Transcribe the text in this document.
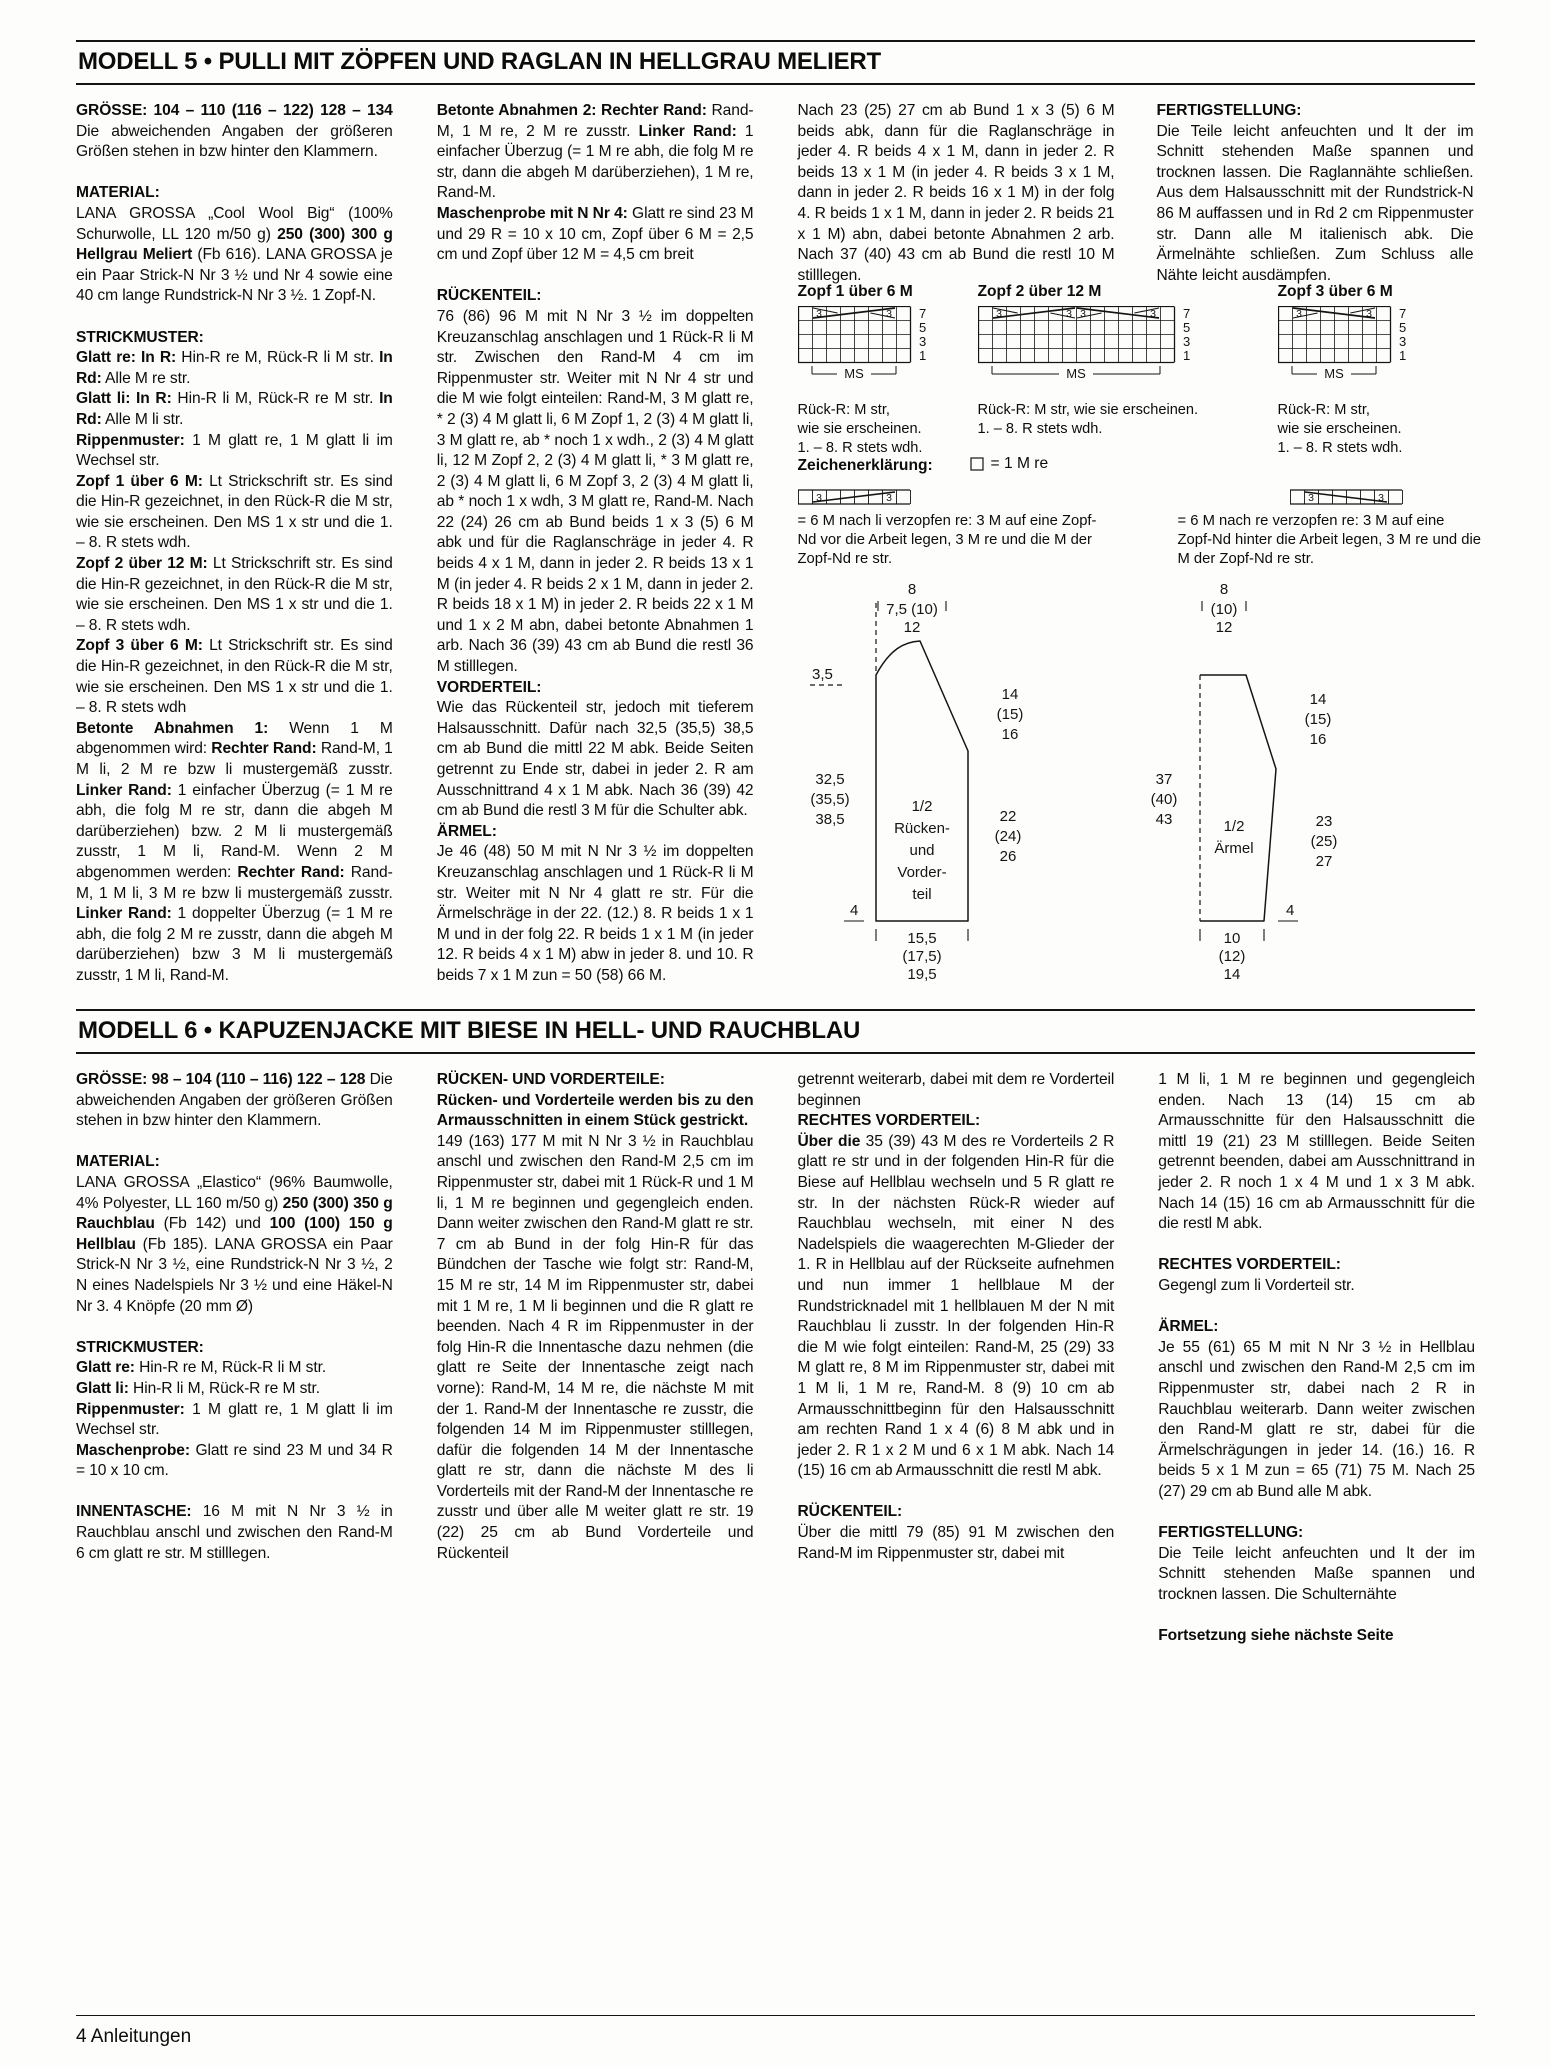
MODELL 5 • PULLI MIT ZÖPFEN UND RAGLAN IN HELLGRAU MELIERT

GRÖSSE: 104 – 110 (116 – 122) 128 – 134 Die abweichenden Angaben der größeren Größen stehen in bzw hinter den Klammern.

MATERIAL:

LANA GROSSA „Cool Wool Big“ (100% Schurwolle, LL 120 m/50 g) 250 (300) 300 g Hellgrau Meliert (Fb 616). LANA GROSSA je ein Paar Strick-N Nr 3 ½ und Nr 4 sowie eine 40 cm lange Rundstrick-N Nr 3 ½. 1 Zopf-N.

STRICKMUSTER:

Glatt re: In R: Hin-R re M, Rück-R li M str. In Rd: Alle M re str.

Glatt li: In R: Hin-R li M, Rück-R re M str. In Rd: Alle M li str.

Rippenmuster: 1 M glatt re, 1 M glatt li im Wechsel str.

Zopf 1 über 6 M: Lt Strickschrift str. Es sind die Hin-R gezeichnet, in den Rück-R die M str, wie sie erscheinen. Den MS 1 x str und die 1. – 8. R stets wdh.

Zopf 2 über 12 M: Lt Strickschrift str. Es sind die Hin-R gezeichnet, in den Rück-R die M str, wie sie erscheinen. Den MS 1 x str und die 1. – 8. R stets wdh.

Zopf 3 über 6 M: Lt Strickschrift str. Es sind die Hin-R gezeichnet, in den Rück-R die M str, wie sie erscheinen. Den MS 1 x str und die 1. – 8. R stets wdh

Betonte Abnahmen 1: Wenn 1 M abgenommen wird: Rechter Rand: Rand-M, 1 M li, 2 M re bzw li mustergemäß zusstr. Linker Rand: 1 einfacher Überzug (= 1 M re abh, die folg M re str, dann die abgeh M darüberziehen) bzw. 2 M li mustergemäß zusstr, 1 M li, Rand-M. Wenn 2 M abgenommen werden: Rechter Rand: Rand-M, 1 M li, 3 M re bzw li mustergemäß zusstr. Linker Rand: 1 doppelter Überzug (= 1 M re abh, die folg 2 M re zusstr, dann die abgeh M darüberziehen) bzw 3 M li mustergemäß zusstr, 1 M li, Rand-M.

Betonte Abnahmen 2: Rechter Rand: Rand-M, 1 M re, 2 M re zusstr. Linker Rand: 1 einfacher Überzug (= 1 M re abh, die folg M re str, dann die abgeh M darüberziehen), 1 M re, Rand-M.

Maschenprobe mit N Nr 4: Glatt re sind 23 M und 29 R = 10 x 10 cm, Zopf über 6 M = 2,5 cm und Zopf über 12 M = 4,5 cm breit

RÜCKENTEIL:

76 (86) 96 M mit N Nr 3 ½ im doppelten Kreuzanschlag anschlagen und 1 Rück-R li M str. Zwischen den Rand-M 4 cm im Rippenmuster str. Weiter mit N Nr 4 str und die M wie folgt einteilen: Rand-M, 3 M glatt re, * 2 (3) 4 M glatt li, 6 M Zopf 1, 2 (3) 4 M glatt li, 3 M glatt re, ab * noch 1 x wdh., 2 (3) 4 M glatt li, 12 M Zopf 2, 2 (3) 4 M glatt li, * 3 M glatt re, 2 (3) 4 M glatt li, 6 M Zopf 3, 2 (3) 4 M glatt li, ab * noch 1 x wdh, 3 M glatt re, Rand-M. Nach 22 (24) 26 cm ab Bund beids 1 x 3 (5) 6 M abk und für die Raglanschräge in jeder 4. R beids 4 x 1 M, dann in jeder 2. R beids 13 x 1 M (in jeder 4. R beids 2 x 1 M, dann in jeder 2. R beids 18 x 1 M) in jeder 2. R beids 22 x 1 M und 1 x 2 M abn, dabei betonte Abnahmen 1 arb. Nach 36 (39) 43 cm ab Bund die restl 36 M stilllegen.

VORDERTEIL:

Wie das Rückenteil str, jedoch mit tieferem Halsausschnitt. Dafür nach 32,5 (35,5) 38,5 cm ab Bund die mittl 22 M abk. Beide Seiten getrennt zu Ende str, dabei in jeder 2. R am Ausschnittrand 4 x 1 M abk. Nach 36 (39) 42 cm ab Bund die restl 3 M für die Schulter abk.

ÄRMEL:

Je 46 (48) 50 M mit N Nr 3 ½ im doppelten Kreuzanschlag anschlagen und 1 Rück-R li M str. Weiter mit N Nr 4 glatt re str. Für die Ärmelschräge in der 22. (12.) 8. R beids 1 x 1 M und in der folg 22. R beids 1 x 1 M (in jeder 12. R beids 4 x 1 M) abw in jeder 8. und 10. R beids 7 x 1 M zun = 50 (58) 66 M.

Nach 23 (25) 27 cm ab Bund 1 x 3 (5) 6 M beids abk, dann für die Raglanschräge in jeder 4. R beids 4 x 1 M, dann in jeder 2. R beids 13 x 1 M (in jeder 4. R beids 3 x 1 M, dann in jeder 2. R beids 16 x 1 M) in der folg 4. R beids 1 x 1 M, dann in jeder 2. R beids 21 x 1 M) abn, dabei betonte Abnahmen 2 arb. Nach 37 (40) 43 cm ab Bund die restl 10 M stilllegen.

FERTIGSTELLUNG:

Die Teile leicht anfeuchten und lt der im Schnitt stehenden Maße spannen und trocknen lassen. Die Raglannähte schließen. Aus dem Halsausschnitt mit der Rundstrick-N 86 M auffassen und in Rd 2 cm Rippenmuster str. Dann alle M italienisch abk. Die Ärmelnähte schließen. Zum Schluss alle Nähte leicht ausdämpfen.

Zopf 1 über 6 M
3	3 7
5
3
1
MS
Rück-R: M str,
wie sie erscheinen.
1. – 8. R stets wdh.
Zopf 2 über 12 M
3	3 3	3 7
5
3
1
MS
Rück-R: M str, wie sie erscheinen.
1. – 8. R stets wdh.
Zopf 3 über 6 M
3	3 7
5
3
1
MS
Rück-R: M str,
wie sie erscheinen.
1. – 8. R stets wdh.
Zeichenerklärung:	= 1 M re
3	3
= 6 M nach li verzopfen re: 3 M auf eine Zopf-Nd vor die Arbeit legen, 3 M re und die M der Zopf-Nd re str.
3	3
= 6 M nach re verzopfen re: 3 M auf eine Zopf-Nd hinter die Arbeit legen, 3 M re und die M der Zopf-Nd re str.
8
7,5 (10)
12
3,5
32,5
(35,5)
38,5
14
(15)
16
22
(24)
26
1/2
Rücken-
und
Vorder-
teil
4
15,5
(17,5)
19,5
8
(10)
12
37
(40)
43
14
(15)
16
23
(25)
27
1/2
Ärmel
4
10
(12)
14
MODELL 6 • KAPUZENJACKE MIT BIESE IN HELL- UND RAUCHBLAU

GRÖSSE: 98 – 104 (110 – 116) 122 – 128 Die abweichenden Angaben der größeren Größen stehen in bzw hinter den Klammern.

MATERIAL:

LANA GROSSA „Elastico“ (96% Baumwolle, 4% Polyester, LL 160 m/50 g) 250 (300) 350 g Rauchblau (Fb 142) und 100 (100) 150 g Hellblau (Fb 185). LANA GROSSA ein Paar Strick-N Nr 3 ½, eine Rundstrick-N Nr 3 ½, 2 N eines Nadelspiels Nr 3 ½ und eine Häkel-N Nr 3. 4 Knöpfe (20 mm Ø)

STRICKMUSTER:

Glatt re: Hin-R re M, Rück-R li M str.

Glatt li: Hin-R li M, Rück-R re M str.

Rippenmuster: 1 M glatt re, 1 M glatt li im Wechsel str.

Maschenprobe: Glatt re sind 23 M und 34 R = 10 x 10 cm.

INNENTASCHE: 16 M mit N Nr 3 ½ in Rauchblau anschl und zwischen den Rand-M 6 cm glatt re str. M stilllegen.

RÜCKEN- UND VORDERTEILE:

Rücken- und Vorderteile werden bis zu den Armausschnitten in einem Stück gestrickt.

149 (163) 177 M mit N Nr 3 ½ in Rauchblau anschl und zwischen den Rand-M 2,5 cm im Rippenmuster str, dabei mit 1 Rück-R und 1 M li, 1 M re beginnen und gegengleich enden. Dann weiter zwischen den Rand-M glatt re str. 7 cm ab Bund in der folg Hin-R für das Bündchen der Tasche wie folgt str: Rand-M, 15 M re str, 14 M im Rippenmuster str, dabei mit 1 M re, 1 M li beginnen und die R glatt re beenden. Nach 4 R im Rippenmuster in der folg Hin-R die Innentasche dazu nehmen (die glatt re Seite der Innentasche zeigt nach vorne): Rand-M, 14 M re, die nächste M mit der 1. Rand-M der Innentasche re zusstr, die folgenden 14 M im Rippenmuster stilllegen, dafür die folgenden 14 M der Innentasche glatt re str, dann die nächste M des li Vorderteils mit der Rand-M der Innentasche re zusstr und über alle M weiter glatt re str. 19 (22) 25 cm ab Bund Vorderteile und Rückenteil

getrennt weiterarb, dabei mit dem re Vorderteil beginnen

RECHTES VORDERTEIL:

Über die 35 (39) 43 M des re Vorderteils 2 R glatt re str und in der folgenden Hin-R für die Biese auf Hellblau wechseln und 5 R glatt re str. In der nächsten Rück-R wieder auf Rauchblau wechseln, mit einer N des Nadelspiels die waagerechten M-Glieder der 1. R in Hellblau auf der Rückseite aufnehmen und nun immer 1 hellblaue M der Rundstricknadel mit 1 hellblauen M der N mit Rauchblau li zusstr. In der folgenden Hin-R die M wie folgt einteilen: Rand-M, 25 (29) 33 M glatt re, 8 M im Rippenmuster str, dabei mit 1 M li, 1 M re, Rand-M. 8 (9) 10 cm ab Armausschnittbeginn für den Halsausschnitt am rechten Rand 1 x 4 (6) 8 M abk und in jeder 2. R 1 x 2 M und 6 x 1 M abk. Nach 14 (15) 16 cm ab Armausschnitt die restl M abk.

RÜCKENTEIL:

Über die mittl 79 (85) 91 M zwischen den Rand-M im Rippenmuster str, dabei mit

1 M li, 1 M re beginnen und gegengleich enden. Nach 13 (14) 15 cm ab Armausschnitte für den Halsausschnitt die mittl 19 (21) 23 M stilllegen. Beide Seiten getrennt beenden, dabei am Ausschnittrand in jeder 2. R noch 1 x 4 M und 1 x 3 M abk. Nach 14 (15) 16 cm ab Armausschnitt für die die restl M abk.

RECHTES VORDERTEIL:

Gegengl zum li Vorderteil str.

ÄRMEL:

Je 55 (61) 65 M mit N Nr 3 ½ in Hellblau anschl und zwischen den Rand-M 2,5 cm im Rippenmuster str, dabei nach 2 R in Rauchblau weiterarb. Dann weiter zwischen den Rand-M glatt re str, dabei für die Ärmelschrägungen in jeder 14. (16.) 16. R beids 5 x 1 M zun = 65 (71) 75 M. Nach 25 (27) 29 cm ab Bund alle M abk.

FERTIGSTELLUNG:

Die Teile leicht anfeuchten und lt der im Schnitt stehenden Maße spannen und trocknen lassen. Die Schulternähte

Fortsetzung siehe nächste Seite

4 Anleitungen
